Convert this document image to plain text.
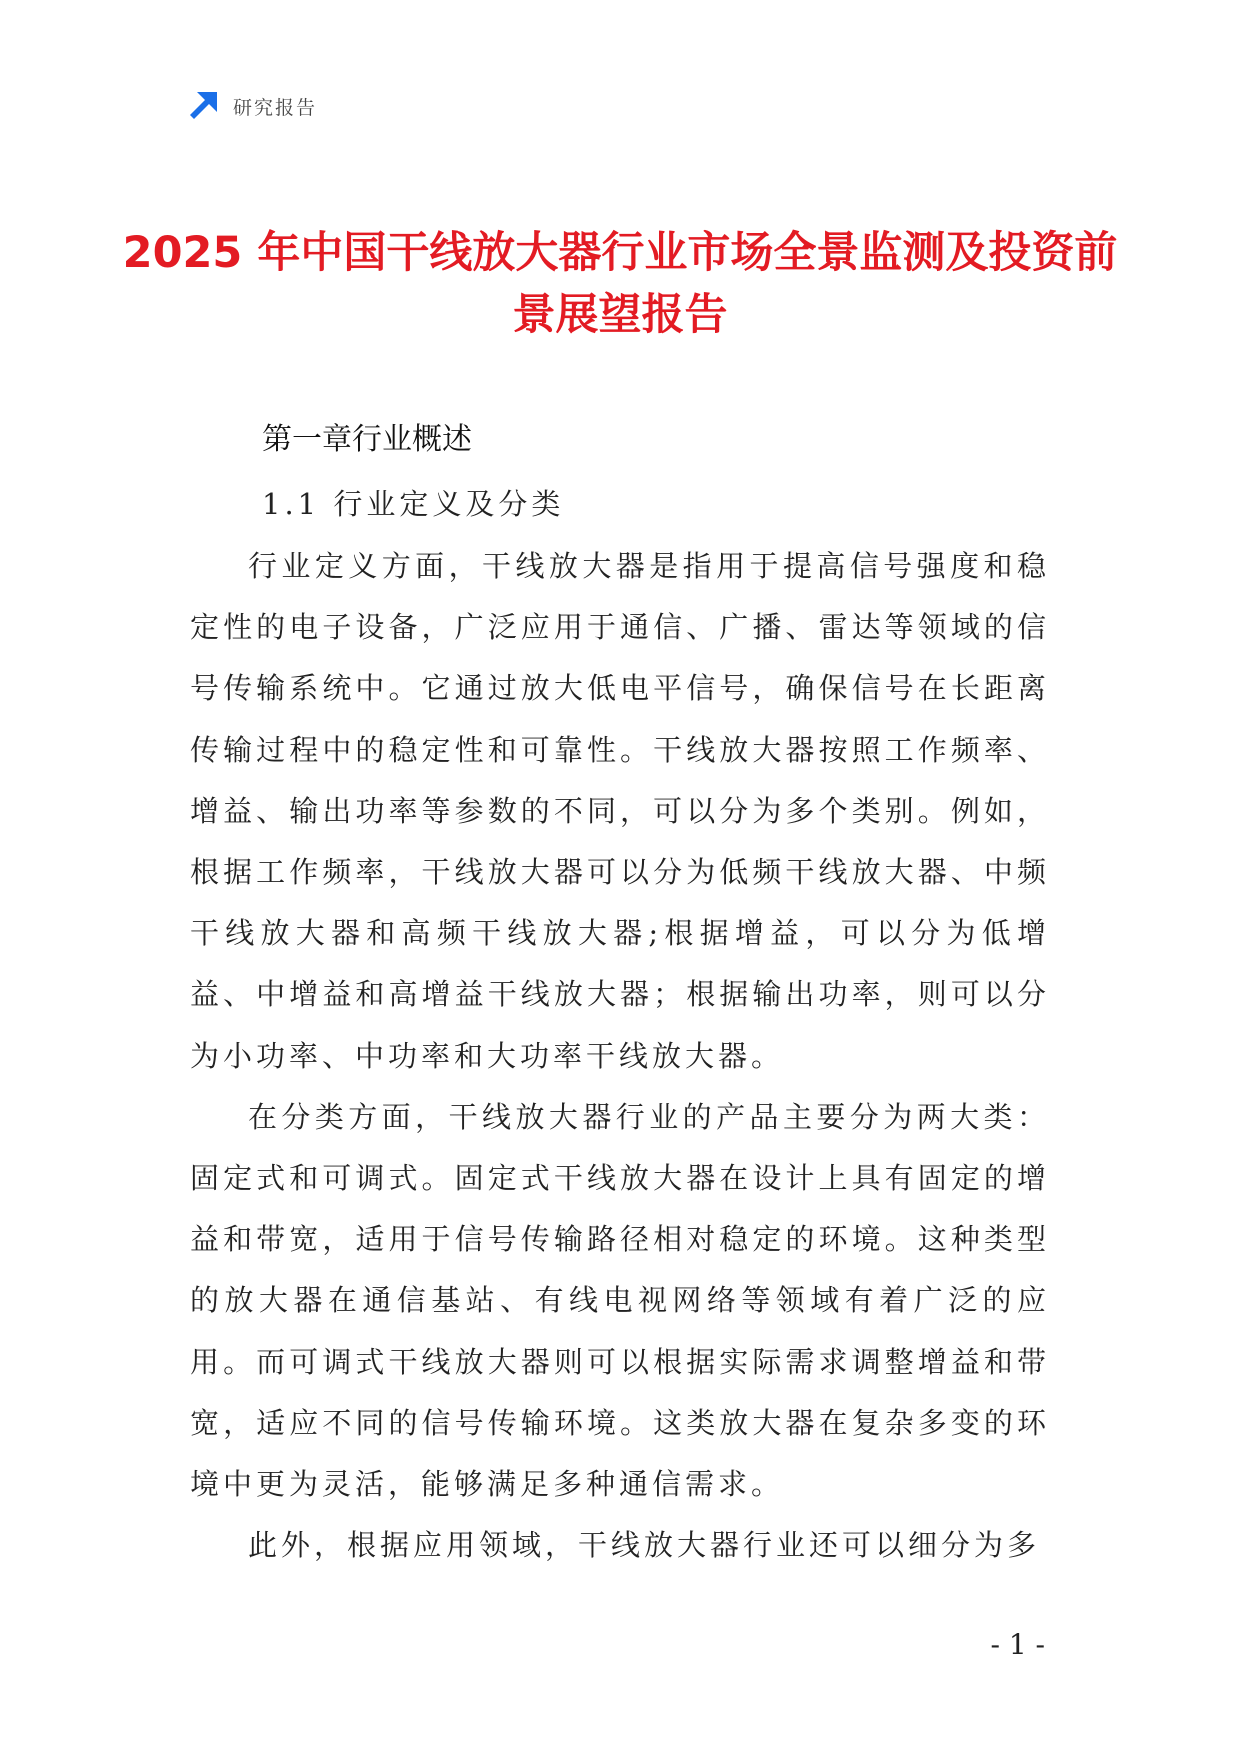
研究报告
2025 年中国干线放大器行业市场全景监测及投资前景展望报告
第一章行业概述
1.1 行业定义及分类

行业定义方面，干线放大器是指用于提高信号强度和稳定性的电子设备，广泛应用于通信、广播、雷达等领域的信号传输系统中。它通过放大低电平信号，确保信号在长距离传输过程中的稳定性和可靠性。干线放大器按照工作频率、增益、输出功率等参数的不同，可以分为多个类别。例如，根据工作频率，干线放大器可以分为低频干线放大器、中频干线放大器和高频干线放大器;根据增益，可以分为低增益、中增益和高增益干线放大器；根据输出功率，则可以分为小功率、中功率和大功率干线放大器。

在分类方面，干线放大器行业的产品主要分为两大类：固定式和可调式。固定式干线放大器在设计上具有固定的增益和带宽，适用于信号传输路径相对稳定的环境。这种类型的放大器在通信基站、有线电视网络等领域有着广泛的应用。而可调式干线放大器则可以根据实际需求调整增益和带宽，适应不同的信号传输环境。这类放大器在复杂多变的环境中更为灵活，能够满足多种通信需求。

此外，根据应用领域，干线放大器行业还可以细分为多

- 1 -
